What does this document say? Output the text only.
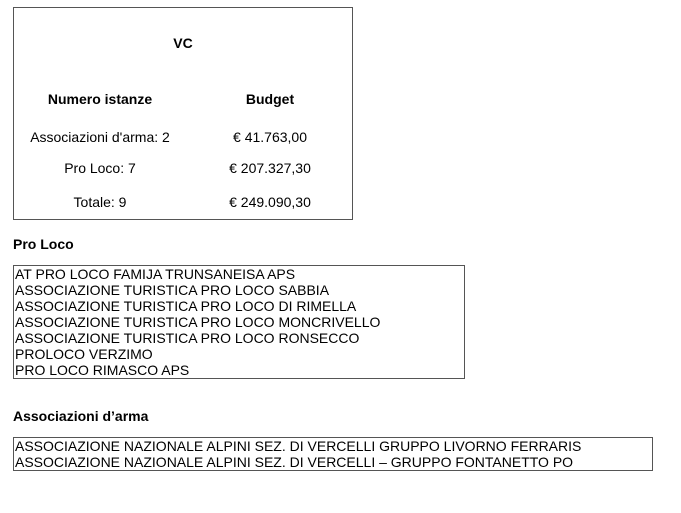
VC
Numero istanze	Budget
Associazioni d'arma: 2	€ 41.763,00
Pro Loco: 7	€ 207.327,30
Totale: 9	€ 249.090,30
Pro Loco
AT PRO LOCO FAMIJA TRUNSANEISA APS
ASSOCIAZIONE TURISTICA PRO LOCO SABBIA
ASSOCIAZIONE TURISTICA PRO LOCO DI RIMELLA
ASSOCIAZIONE TURISTICA PRO LOCO MONCRIVELLO
ASSOCIAZIONE TURISTICA PRO LOCO RONSECCO
PROLOCO VERZIMO
PRO LOCO RIMASCO APS
Associazioni d’arma
ASSOCIAZIONE NAZIONALE ALPINI SEZ. DI VERCELLI GRUPPO LIVORNO FERRARIS
ASSOCIAZIONE NAZIONALE ALPINI SEZ. DI VERCELLI – GRUPPO FONTANETTO PO
